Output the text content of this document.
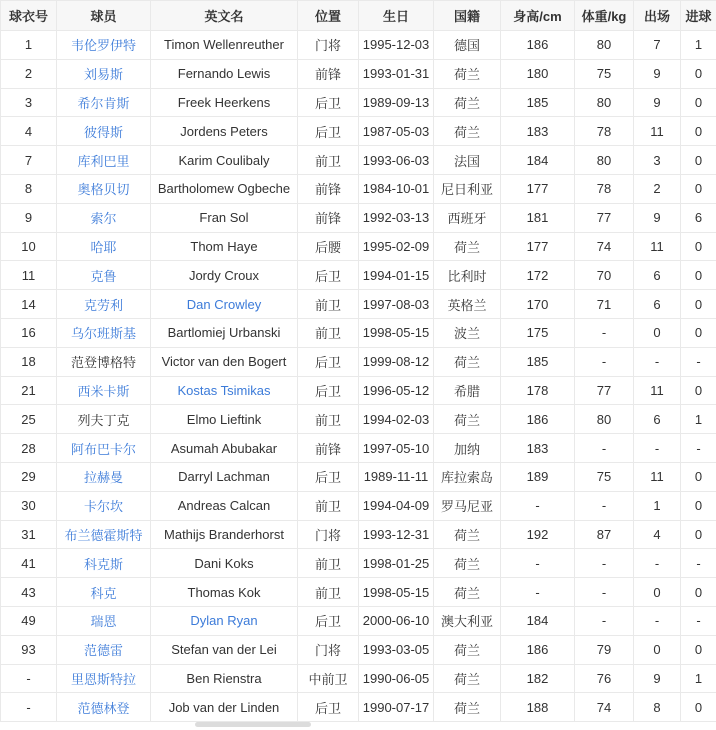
球衣号	球员	英文名	位置	生日	国籍	身高/cm	体重/kg	出场	进球
1	韦伦罗伊特	Timon Wellenreuther	门将	1995-12-03	德国	186	80	7	1
2	刘易斯	Fernando Lewis	前锋	1993-01-31	荷兰	180	75	9	0
3	希尔肯斯	Freek Heerkens	后卫	1989-09-13	荷兰	185	80	9	0
4	彼得斯	Jordens Peters	后卫	1987-05-03	荷兰	183	78	11	0
7	库利巴里	Karim Coulibaly	前卫	1993-06-03	法国	184	80	3	0
8	奥格贝切	Bartholomew Ogbeche	前锋	1984-10-01	尼日利亚	177	78	2	0
9	索尔	Fran Sol	前锋	1992-03-13	西班牙	181	77	9	6
10	哈耶	Thom Haye	后腰	1995-02-09	荷兰	177	74	11	0
11	克鲁	Jordy Croux	后卫	1994-01-15	比利时	172	70	6	0
14	克劳利	Dan Crowley	前卫	1997-08-03	英格兰	170	71	6	0
16	乌尔班斯基	Bartlomiej Urbanski	前卫	1998-05-15	波兰	175	-	0	0
18	范登博格特	Victor van den Bogert	后卫	1999-08-12	荷兰	185	-	-	-
21	西米卡斯	Kostas Tsimikas	后卫	1996-05-12	希腊	178	77	11	0
25	列夫丁克	Elmo Lieftink	前卫	1994-02-03	荷兰	186	80	6	1
28	阿布巴卡尔	Asumah Abubakar	前锋	1997-05-10	加纳	183	-	-	-
29	拉赫曼	Darryl Lachman	后卫	1989-11-11	库拉索岛	189	75	11	0
30	卡尔坎	Andreas Calcan	前卫	1994-04-09	罗马尼亚	-	-	1	0
31	布兰德霍斯特	Mathijs Branderhorst	门将	1993-12-31	荷兰	192	87	4	0
41	科克斯	Dani Koks	前卫	1998-01-25	荷兰	-	-	-	-
43	科克	Thomas Kok	前卫	1998-05-15	荷兰	-	-	0	0
49	瑞恩	Dylan Ryan	后卫	2000-06-10	澳大利亚	184	-	-	-
93	范德雷	Stefan van der Lei	门将	1993-03-05	荷兰	186	79	0	0
-	里恩斯特拉	Ben Rienstra	中前卫	1990-06-05	荷兰	182	76	9	1
-	范德林登	Job van der Linden	后卫	1990-07-17	荷兰	188	74	8	0
